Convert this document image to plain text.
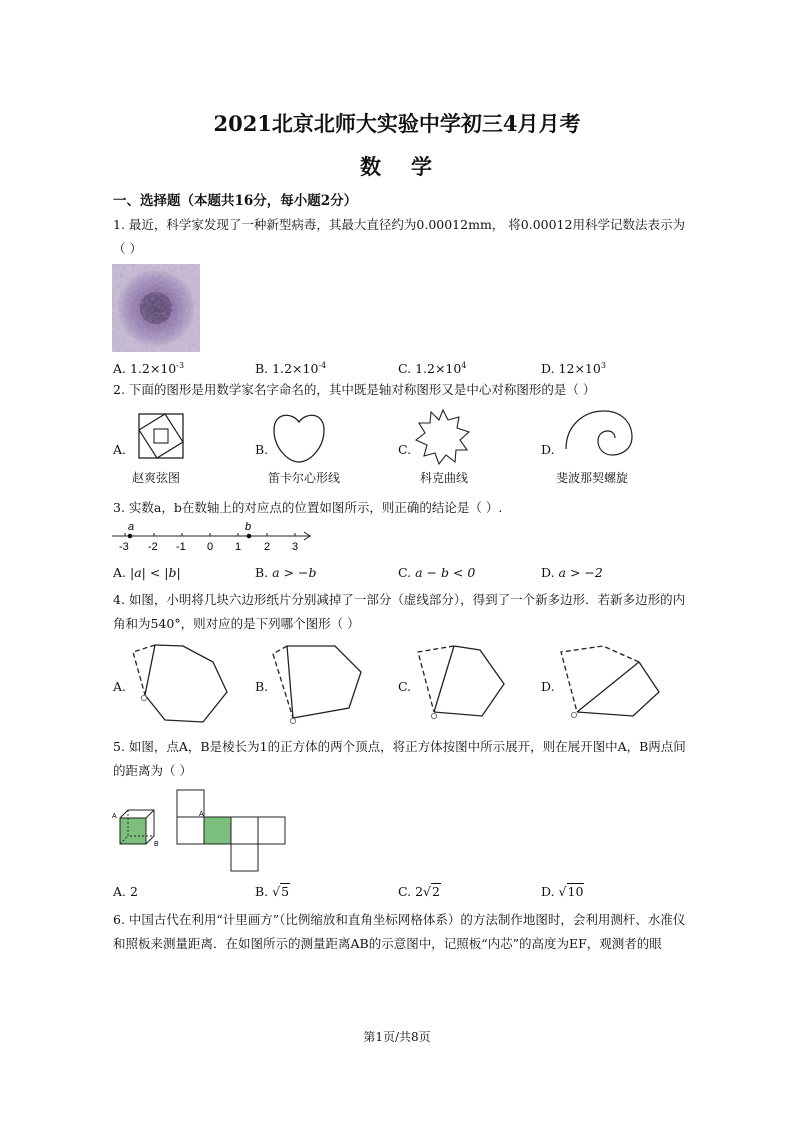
2021北京北师大实验中学初三4月月考
数 学
一、选择题（本题共16分，每小题2分）
1. 最近，科学家发现了一种新型病毒，其最大直径约为0.00012mm， 将0.00012用科学记数法表示为（ ）
A. $1.2\times 10^{-3}$	B. $1.2\times 10^{-4}$	C. $1.2\times 10^4$	D. $12\times 10^3$
2. 下面的图形是用数学家名字命名的，其中既是轴对称图形又是中心对称图形的是（ ）
A.
赵爽弦图
B.
笛卡尔心形线
C.
科克曲线
D.
斐波那契螺旋
3. 实数a，b在数轴上的对应点的位置如图所示，则正确的结论是（ ）.
a	b
-3 -2 -1 0 1 2 3
A. |a| < |b|	B. a > −b	C. a − b < 0	D. a > −2
4. 如图，小明将几块六边形纸片分别减掉了一部分（虚线部分），得到了一个新多边形．若新多边形的内角和为540°，则对应的是下列哪个图形（ ）
A.	B.	C.	D.
5. 如图，点A，B是棱长为1的正方体的两个顶点，将正方体按图中所示展开，则在展开图中A，B两点间的距离为（ ）
A
B
A
A. 2	B. √5	C. 2√2	D. √10
6. 中国古代在利用“计里画方”（比例缩放和直角坐标网格体系）的方法制作地图时，会利用测杆、水准仪和照板来测量距离．在如图所示的测量距离AB的示意图中，记照板“内芯”的高度为EF，观测者的眼
第1页/共8页
